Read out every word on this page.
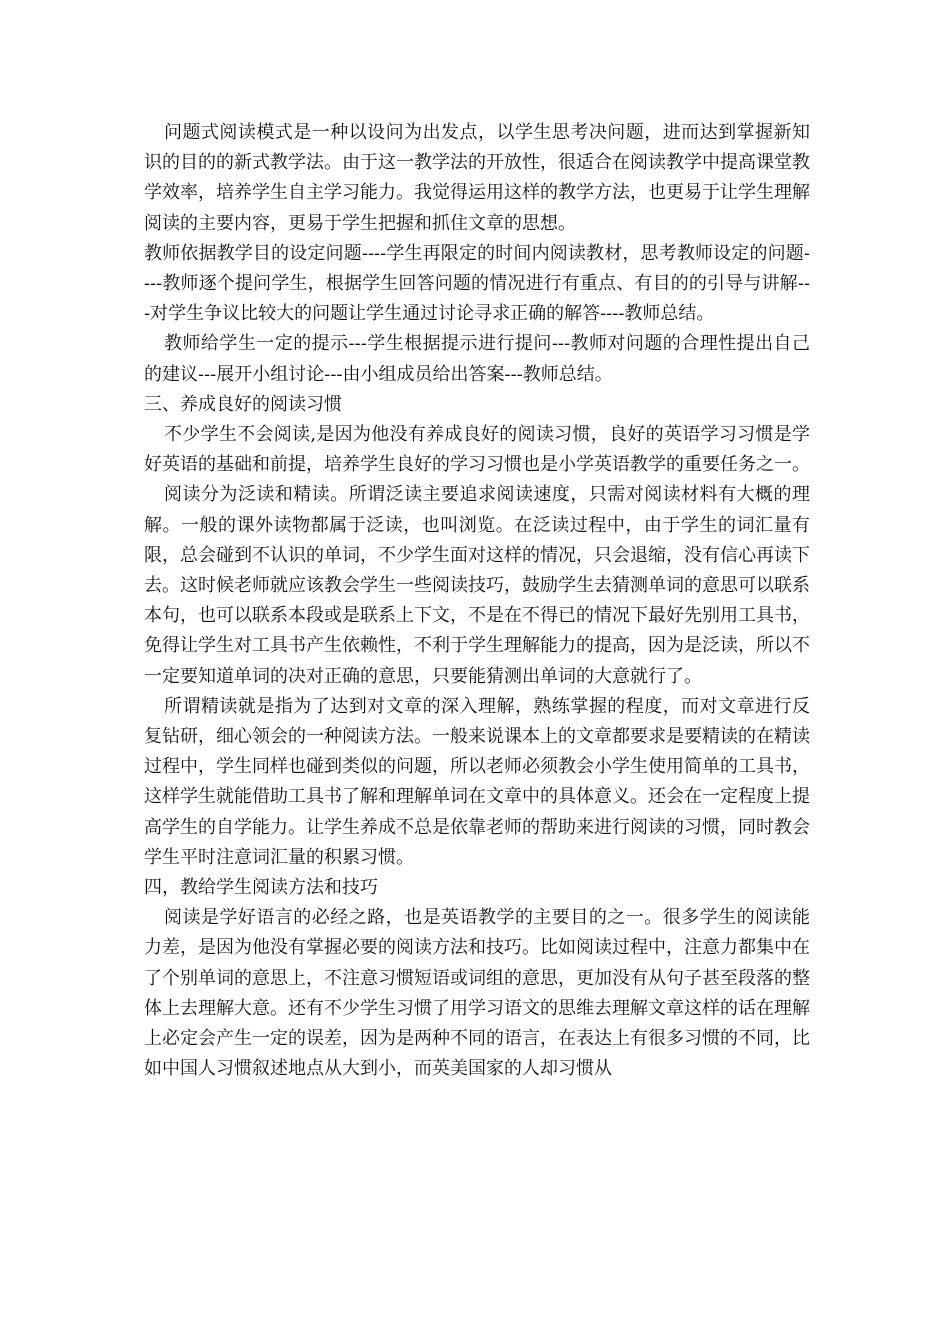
问题式阅读模式是一种以设问为出发点，以学生思考决问题，进而达到掌握新知识的目的的新式教学法。由于这一教学法的开放性，很适合在阅读教学中提高课堂教学效率，培养学生自主学习能力。我觉得运用这样的教学方法，也更易于让学生理解阅读的主要内容，更易于学生把握和抓住文章的思想。

教师依据教学目的设定问题----学生再限定的时间内阅读教材，思考教师设定的问题----教师逐个提问学生，根据学生回答问题的情况进行有重点、有目的的引导与讲解---对学生争议比较大的问题让学生通过讨论寻求正确的解答----教师总结。

教师给学生一定的提示---学生根据提示进行提问---教师对问题的合理性提出自己的建议---展开小组讨论---由小组成员给出答案---教师总结。

三、养成良好的阅读习惯

不少学生不会阅读,是因为他没有养成良好的阅读习惯，良好的英语学习习惯是学好英语的基础和前提，培养学生良好的学习习惯也是小学英语教学的重要任务之一。

阅读分为泛读和精读。所谓泛读主要追求阅读速度，只需对阅读材料有大概的理解。一般的课外读物都属于泛读，也叫浏览。在泛读过程中，由于学生的词汇量有限，总会碰到不认识的单词，不少学生面对这样的情况，只会退缩，没有信心再读下去。这时候老师就应该教会学生一些阅读技巧，鼓励学生去猜测单词的意思可以联系本句，也可以联系本段或是联系上下文，不是在不得已的情况下最好先别用工具书，免得让学生对工具书产生依赖性，不利于学生理解能力的提高，因为是泛读，所以不一定要知道单词的决对正确的意思，只要能猜测出单词的大意就行了。

所谓精读就是指为了达到对文章的深入理解，熟练掌握的程度，而对文章进行反复钻研，细心领会的一种阅读方法。一般来说课本上的文章都要求是要精读的在精读过程中，学生同样也碰到类似的问题，所以老师必须教会小学生使用简单的工具书，这样学生就能借助工具书了解和理解单词在文章中的具体意义。还会在一定程度上提高学生的自学能力。让学生养成不总是依靠老师的帮助来进行阅读的习惯，同时教会学生平时注意词汇量的积累习惯。

四，教给学生阅读方法和技巧

阅读是学好语言的必经之路，也是英语教学的主要目的之一。很多学生的阅读能力差，是因为他没有掌握必要的阅读方法和技巧。比如阅读过程中，注意力都集中在了个别单词的意思上，不注意习惯短语或词组的意思，更加没有从句子甚至段落的整体上去理解大意。还有不少学生习惯了用学习语文的思维去理解文章这样的话在理解上必定会产生一定的误差，因为是两种不同的语言，在表达上有很多习惯的不同，比如中国人习惯叙述地点从大到小，而英美国家的人却习惯从
